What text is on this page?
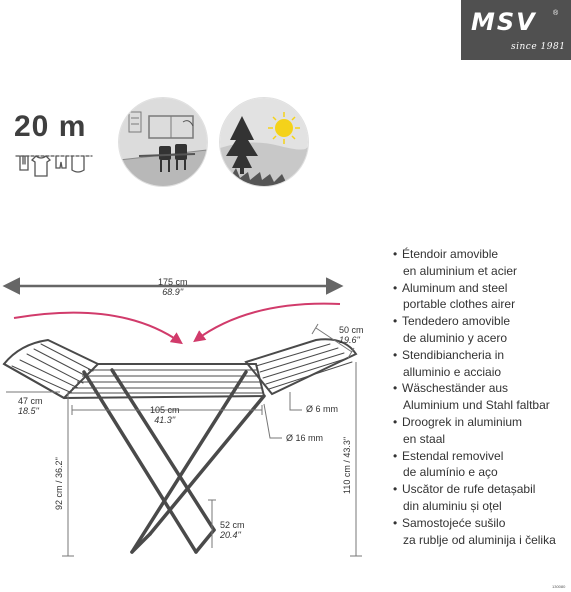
MSV ®
since 1981
20 m
175 cm
68.9''
50 cm
19.6''
47 cm
18.5''	105 cm
41.3''
Ø 6 mm
Ø 16 mm
52 cm
20.4''
92 cm / 36.2''	110 cm / 43.3''
• Étendoir amovible
en aluminium et acier
• Aluminum and steel
portable clothes airer
• Tendedero amovible
de aluminio y acero
• Stendibiancheria in
alluminio e acciaio
• Wäscheständer aus
Aluminium und Stahl faltbar
• Droogrek in aluminium
en staal
• Estendal removivel
de alumínio e aço
• Uscător de rufe detașabil
din aluminiu și oțel
• Samostojeće sušilo
za rublje od aluminija i čelika
130080
